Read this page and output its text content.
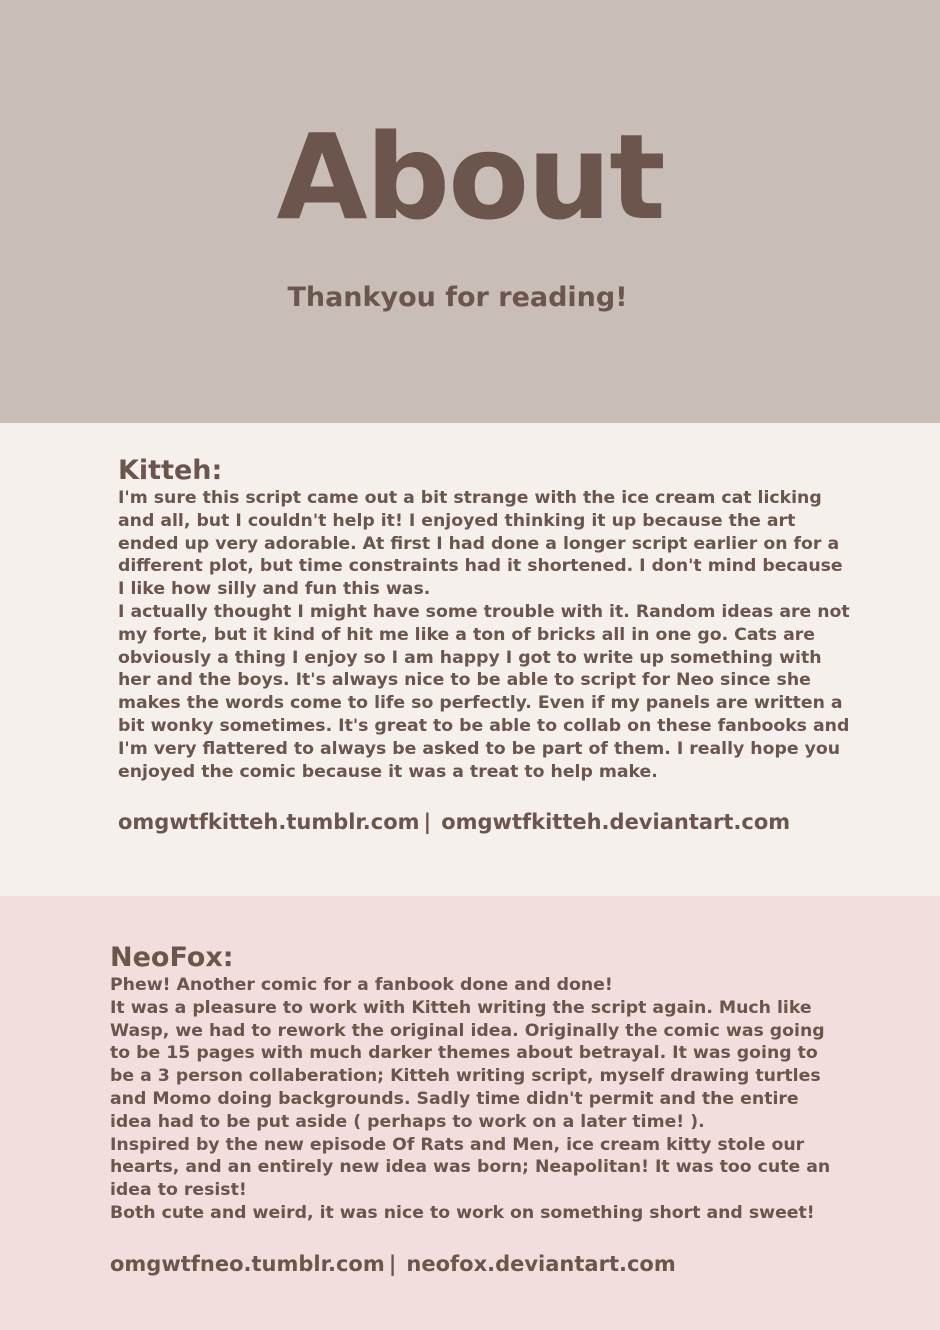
About
Thankyou for reading!
Kitteh:
I'm sure this script came out a bit strange with the ice cream cat licking
and all, but I couldn't help it! I enjoyed thinking it up because the art
ended up very adorable. At first I had done a longer script earlier on for a
different plot, but time constraints had it shortened. I don't mind because
I like how silly and fun this was.
I actually thought I might have some trouble with it. Random ideas are not
my forte, but it kind of hit me like a ton of bricks all in one go. Cats are
obviously a thing I enjoy so I am happy I got to write up something with
her and the boys. It's always nice to be able to script for Neo since she
makes the words come to life so perfectly. Even if my panels are written a
bit wonky sometimes. It's great to be able to collab on these fanbooks and
I'm very flattered to always be asked to be part of them. I really hope you
enjoyed the comic because it was a treat to help make.
omgwtfkitteh.tumblr.com | omgwtfkitteh.deviantart.com
NeoFox:
Phew! Another comic for a fanbook done and done!
It was a pleasure to work with Kitteh writing the script again. Much like
Wasp, we had to rework the original idea. Originally the comic was going
to be 15 pages with much darker themes about betrayal. It was going to
be a 3 person collaberation; Kitteh writing script, myself drawing turtles
and Momo doing backgrounds. Sadly time didn't permit and the entire
idea had to be put aside ( perhaps to work on a later time! ).
Inspired by the new episode Of Rats and Men, ice cream kitty stole our
hearts, and an entirely new idea was born; Neapolitan! It was too cute an
idea to resist!
Both cute and weird, it was nice to work on something short and sweet!
omgwtfneo.tumblr.com | neofox.deviantart.com
